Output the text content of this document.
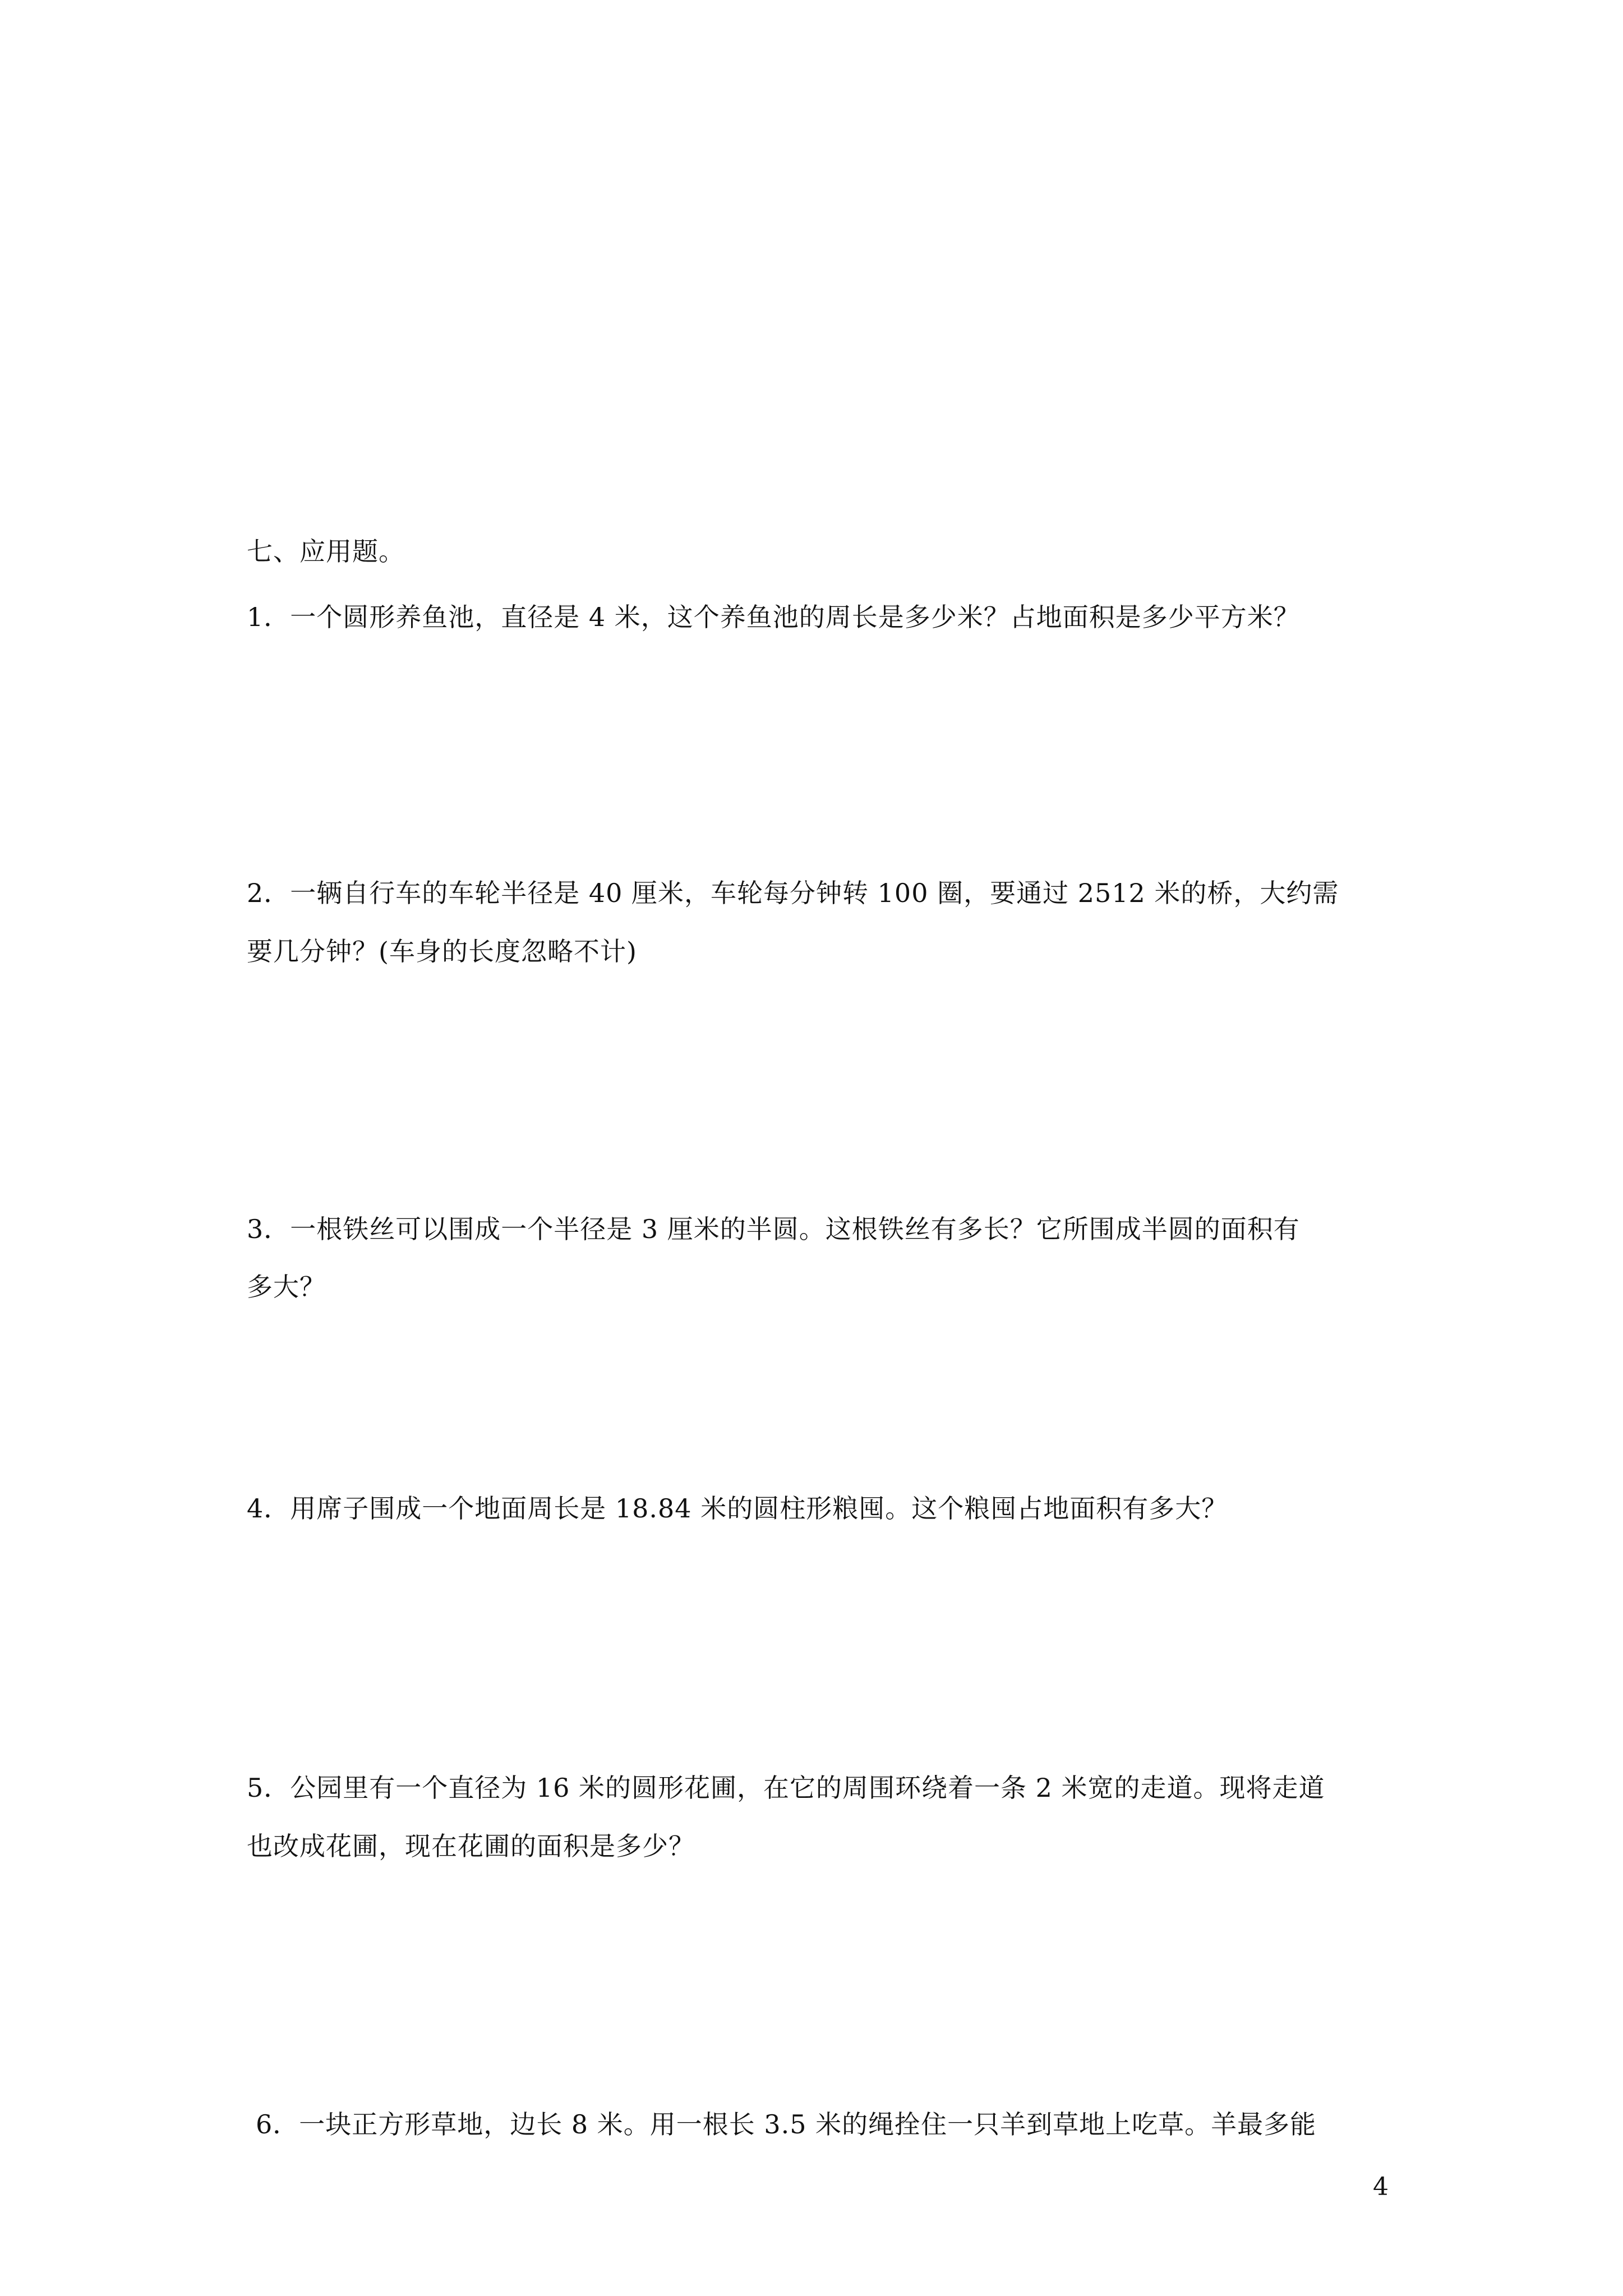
七、应用题。

1．一个圆形养鱼池，直径是 4 米，这个养鱼池的周长是多少米？占地面积是多少平方米？

2．一辆自行车的车轮半径是 40 厘米，车轮每分钟转 100 圈，要通过 2512 米的桥，大约需

要几分钟？(车身的长度忽略不计)

3．一根铁丝可以围成一个半径是 3 厘米的半圆。这根铁丝有多长？它所围成半圆的面积有

多大？

4．用席子围成一个地面周长是 18.84 米的圆柱形粮囤。这个粮囤占地面积有多大？

5．公园里有一个直径为 16 米的圆形花圃，在它的周围环绕着一条 2 米宽的走道。现将走道

也改成花圃，现在花圃的面积是多少？

6．一块正方形草地，边长 8 米。用一根长 3.5 米的绳拴住一只羊到草地上吃草。羊最多能

4
